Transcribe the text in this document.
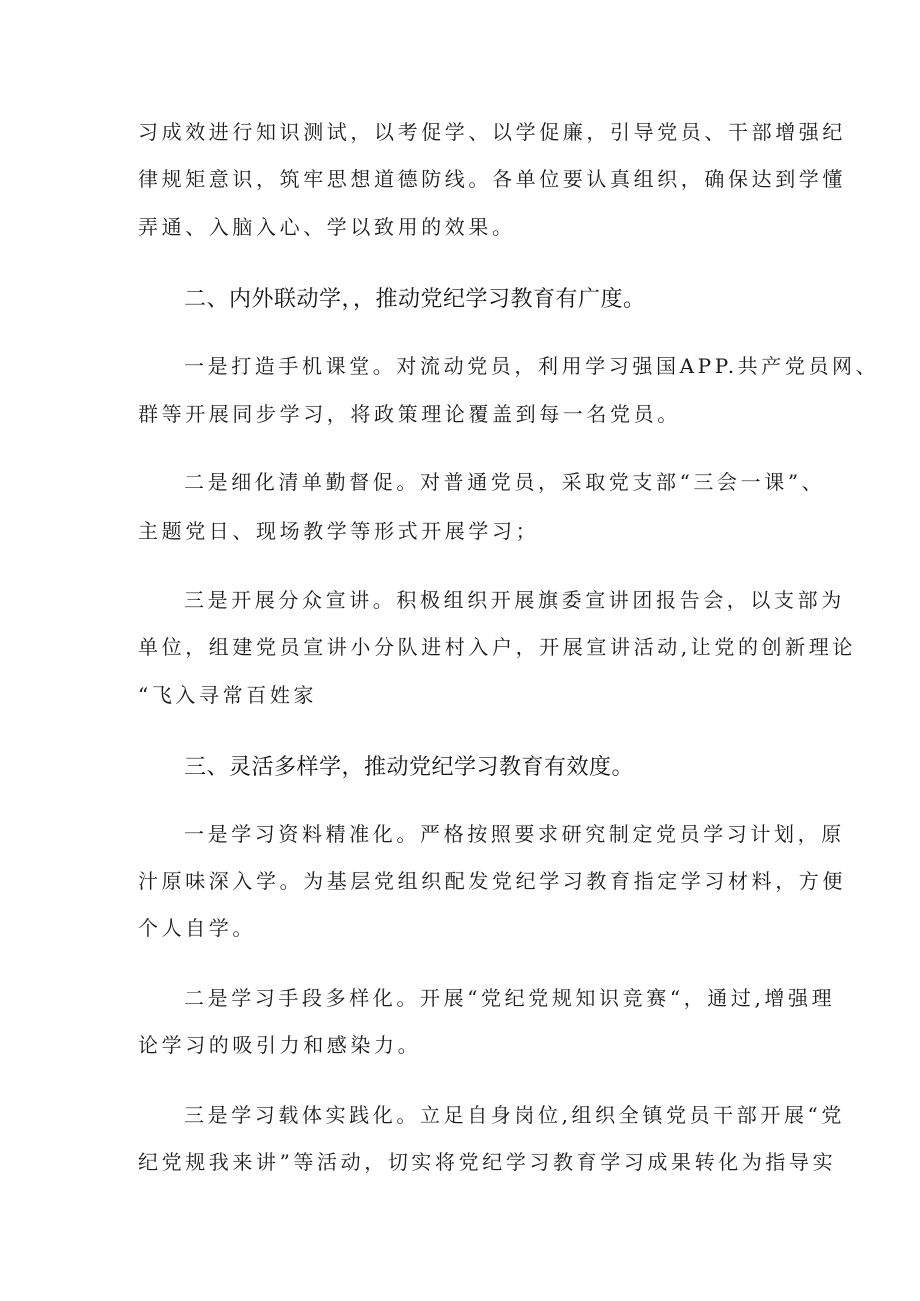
习成效进行知识测试，以考促学、以学促廉，引导党员、干部增强纪
律规矩意识，筑牢思想道德防线。各单位要认真组织，确保达到学懂
弄通、入脑入心、学以致用的效果。
二、内外联动学，，推动党纪学习教育有广度。
一是打造手机课堂。对流动党员，利用学习强国APP.共产党员网、
群等开展同步学习，将政策理论覆盖到每一名党员。
二是细化清单勤督促。对普通党员，采取党支部“三会一课”、
主题党日、现场教学等形式开展学习；
三是开展分众宣讲。积极组织开展旗委宣讲团报告会，以支部为
单位，组建党员宣讲小分队进村入户，开展宣讲活动,让党的创新理论
“飞入寻常百姓家
三、灵活多样学，推动党纪学习教育有效度。
一是学习资料精准化。严格按照要求研究制定党员学习计划，原
汁原味深入学。为基层党组织配发党纪学习教育指定学习材料，方便
个人自学。
二是学习手段多样化。开展“党纪党规知识竞赛“，通过,增强理
论学习的吸引力和感染力。
三是学习载体实践化。立足自身岗位,组织全镇党员干部开展“党
纪党规我来讲”等活动，切实将党纪学习教育学习成果转化为指导实
